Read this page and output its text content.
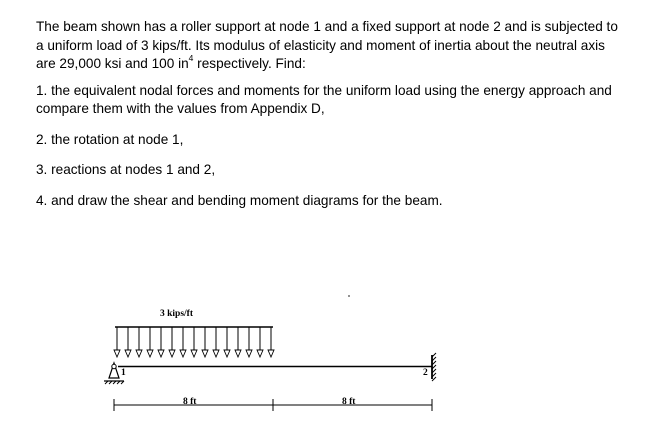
The beam shown has a roller support at node 1 and a fixed support at node 2 and is subjected to a uniform load of 3 kips/ft. Its modulus of elasticity and moment of inertia about the neutral axis are 29,000 ksi and 100 $in^4$ respectively. Find:

1. the equivalent nodal forces and moments for the uniform load using the energy approach and compare them with the values from Appendix D,

2. the rotation at node 1,

3. reactions at nodes 1 and 2,

4. and draw the shear and bending moment diagrams for the beam.

3 kips/ft
1	2
8 ft	8 ft
